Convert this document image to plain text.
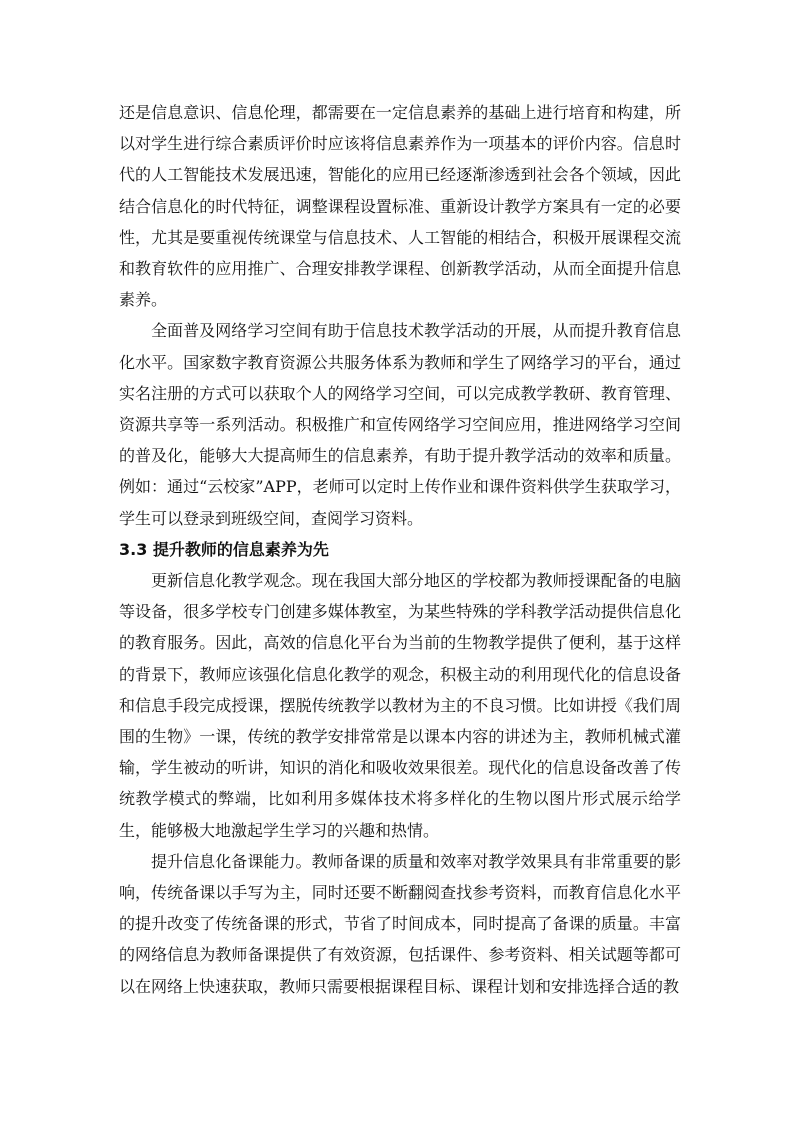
还是信息意识、信息伦理，都需要在一定信息素养的基础上进行培育和构建，所以对学生进行综合素质评价时应该将信息素养作为一项基本的评价内容。信息时代的人工智能技术发展迅速，智能化的应用已经逐渐渗透到社会各个领域，因此结合信息化的时代特征，调整课程设置标准、重新设计教学方案具有一定的必要性，尤其是要重视传统课堂与信息技术、人工智能的相结合，积极开展课程交流和教育软件的应用推广、合理安排教学课程、创新教学活动，从而全面提升信息素养。

全面普及网络学习空间有助于信息技术教学活动的开展，从而提升教育信息化水平。国家数字教育资源公共服务体系为教师和学生了网络学习的平台，通过实名注册的方式可以获取个人的网络学习空间，可以完成教学教研、教育管理、资源共享等一系列活动。积极推广和宣传网络学习空间应用，推进网络学习空间的普及化，能够大大提高师生的信息素养，有助于提升教学活动的效率和质量。例如：通过“云校家”APP，老师可以定时上传作业和课件资料供学生获取学习，学生可以登录到班级空间，查阅学习资料。

3.3 提升教师的信息素养为先

更新信息化教学观念。现在我国大部分地区的学校都为教师授课配备的电脑等设备，很多学校专门创建多媒体教室，为某些特殊的学科教学活动提供信息化的教育服务。因此，高效的信息化平台为当前的生物教学提供了便利，基于这样的背景下，教师应该强化信息化教学的观念，积极主动的利用现代化的信息设备和信息手段完成授课，摆脱传统教学以教材为主的不良习惯。比如讲授《我们周围的生物》一课，传统的教学安排常常是以课本内容的讲述为主，教师机械式灌输，学生被动的听讲，知识的消化和吸收效果很差。现代化的信息设备改善了传统教学模式的弊端，比如利用多媒体技术将多样化的生物以图片形式展示给学生，能够极大地激起学生学习的兴趣和热情。

提升信息化备课能力。教师备课的质量和效率对教学效果具有非常重要的影响，传统备课以手写为主，同时还要不断翻阅查找参考资料，而教育信息化水平的提升改变了传统备课的形式，节省了时间成本，同时提高了备课的质量。丰富的网络信息为教师备课提供了有效资源，包括课件、参考资料、相关试题等都可以在网络上快速获取，教师只需要根据课程目标、课程计划和安排选择合适的教
